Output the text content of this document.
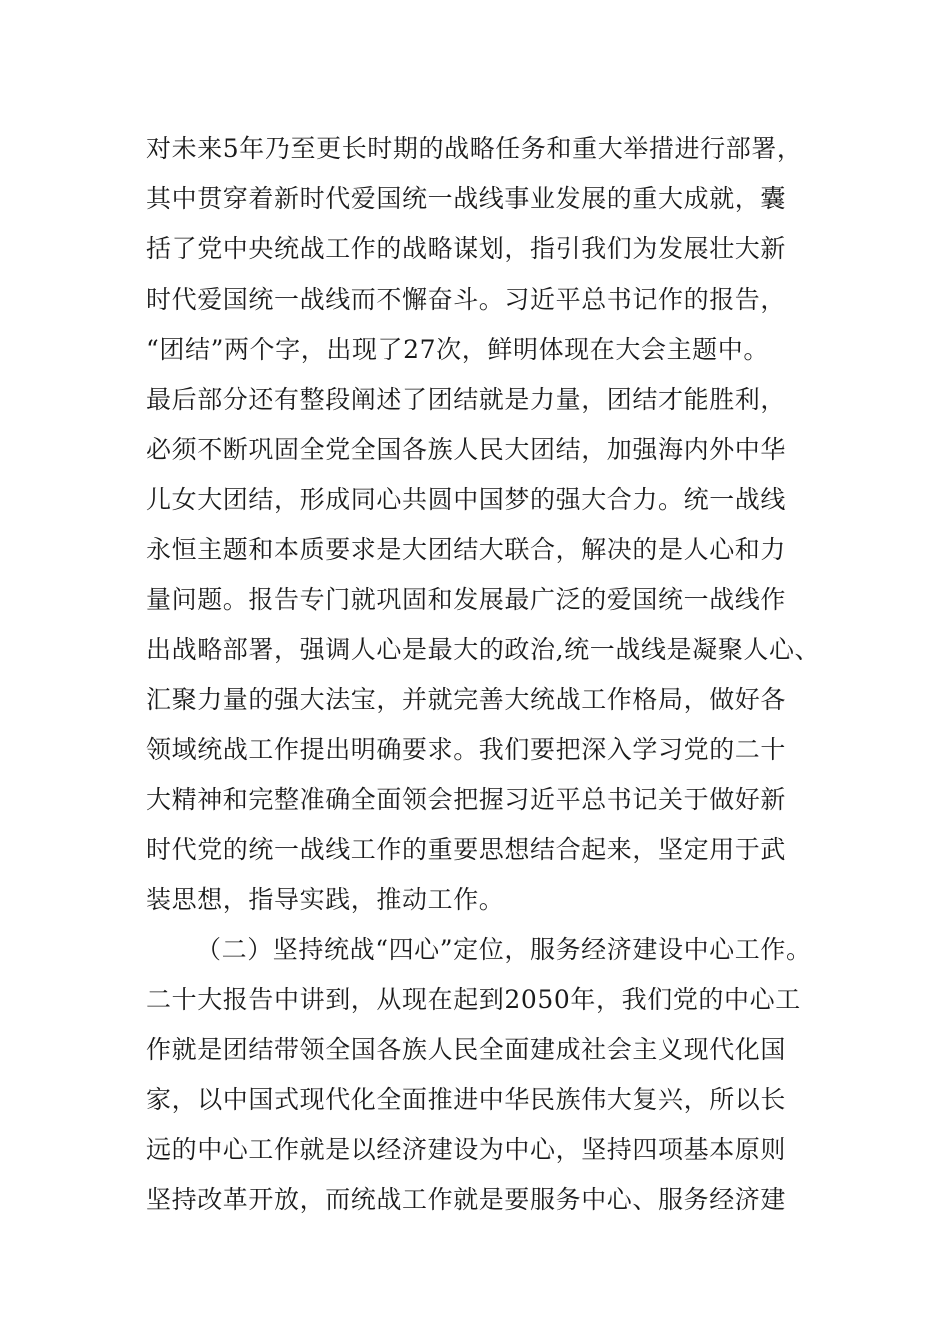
对未来5年乃至更长时期的战略任务和重大举措进行部署，
其中贯穿着新时代爱国统一战线事业发展的重大成就，囊
括了党中央统战工作的战略谋划，指引我们为发展壮大新
时代爱国统一战线而不懈奋斗。习近平总书记作的报告，
“团结”两个字，出现了27次，鲜明体现在大会主题中。
最后部分还有整段阐述了团结就是力量，团结才能胜利，
必须不断巩固全党全国各族人民大团结，加强海内外中华
儿女大团结，形成同心共圆中国梦的强大合力。统一战线
永恒主题和本质要求是大团结大联合，解决的是人心和力
量问题。报告专门就巩固和发展最广泛的爱国统一战线作
出战略部署，强调人心是最大的政治,统一战线是凝聚人心、
汇聚力量的强大法宝，并就完善大统战工作格局，做好各
领域统战工作提出明确要求。我们要把深入学习党的二十
大精神和完整准确全面领会把握习近平总书记关于做好新
时代党的统一战线工作的重要思想结合起来，坚定用于武
装思想，指导实践，推动工作。
（二）坚持统战“四心”定位，服务经济建设中心工作。
二十大报告中讲到，从现在起到2050年，我们党的中心工
作就是团结带领全国各族人民全面建成社会主义现代化国
家，以中国式现代化全面推进中华民族伟大复兴，所以长
远的中心工作就是以经济建设为中心，坚持四项基本原则
坚持改革开放，而统战工作就是要服务中心、服务经济建
